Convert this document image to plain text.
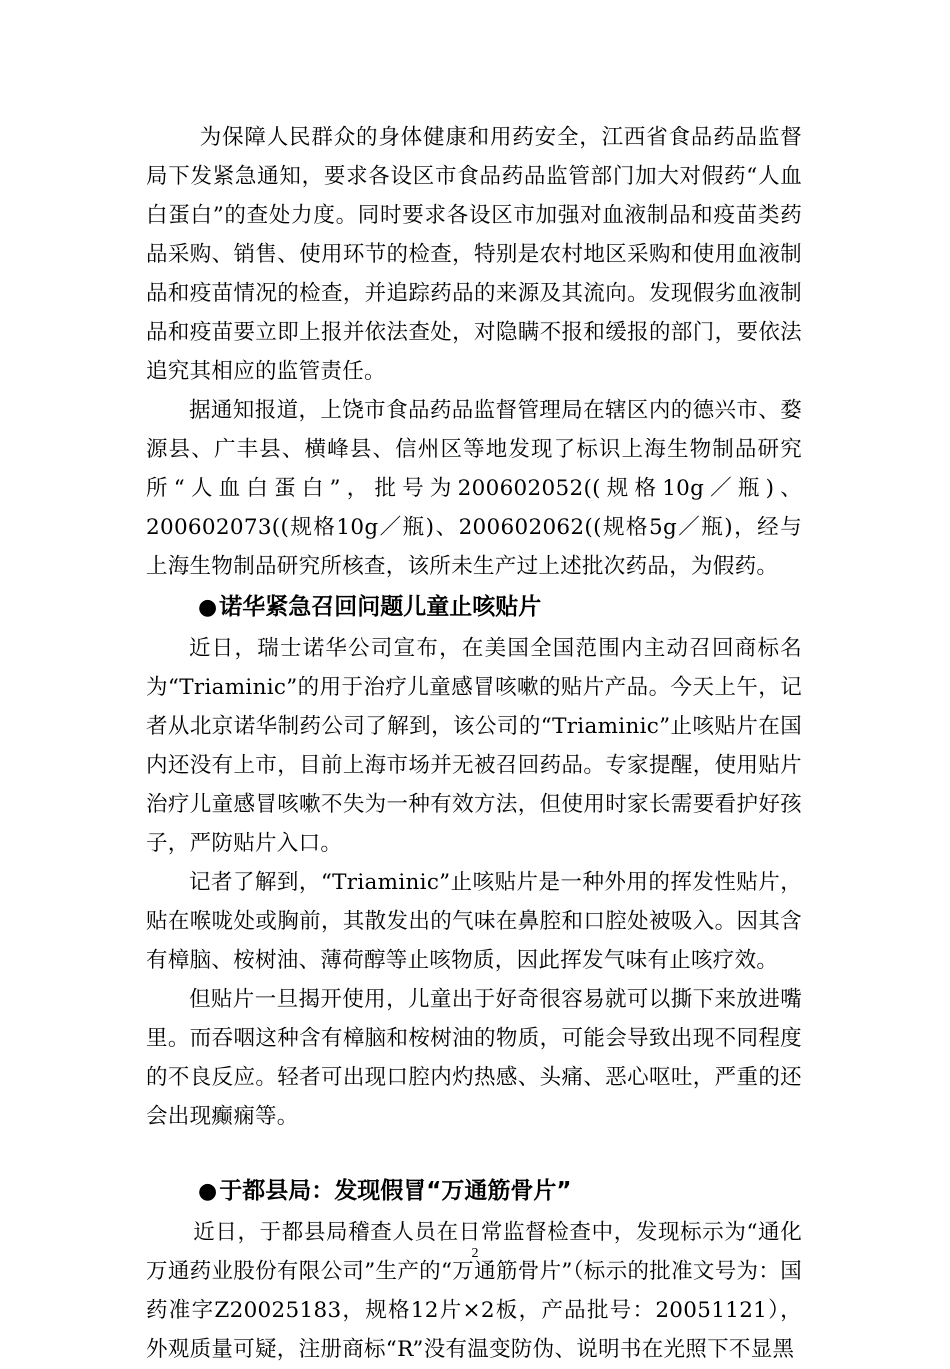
为保障人民群众的身体健康和用药安全，江西省食品药品监督局下发紧急通知，要求各设区市食品药品监管部门加大对假药“人血白蛋白”的查处力度。同时要求各设区市加强对血液制品和疫苗类药品采购、销售、使用环节的检查，特别是农村地区采购和使用血液制品和疫苗情况的检查，并追踪药品的来源及其流向。发现假劣血液制品和疫苗要立即上报并依法查处，对隐瞒不报和缓报的部门，要依法追究其相应的监管责任。

据通知报道，上饶市食品药品监督管理局在辖区内的德兴市、婺源县、广丰县、横峰县、信州区等地发现了标识上海生物制品研究所“人血白蛋白”，批号为200602052((规格10g／瓶)、200602073((规格10g／瓶)、200602062((规格5g／瓶)，经与上海生物制品研究所核查，该所未生产过上述批次药品，为假药。

●诺华紧急召回问题儿童止咳贴片

近日，瑞士诺华公司宣布，在美国全国范围内主动召回商标名为“Triaminic”的用于治疗儿童感冒咳嗽的贴片产品。今天上午，记者从北京诺华制药公司了解到，该公司的“Triaminic”止咳贴片在国内还没有上市，目前上海市场并无被召回药品。专家提醒，使用贴片治疗儿童感冒咳嗽不失为一种有效方法，但使用时家长需要看护好孩子，严防贴片入口。

记者了解到，“Triaminic”止咳贴片是一种外用的挥发性贴片，贴在喉咙处或胸前，其散发出的气味在鼻腔和口腔处被吸入。因其含有樟脑、桉树油、薄荷醇等止咳物质，因此挥发气味有止咳疗效。

但贴片一旦揭开使用，儿童出于好奇很容易就可以撕下来放进嘴里。而吞咽这种含有樟脑和桉树油的物质，可能会导致出现不同程度的不良反应。轻者可出现口腔内灼热感、头痛、恶心呕吐，严重的还会出现癫痫等。

●于都县局：发现假冒“万通筋骨片”

近日，于都县局稽查人员在日常监督检查中，发现标示为“通化万通药业股份有限公司”生产的“万通筋骨片”（标示的批准文号为：国药准字Z20025183，规格12片×2板，产品批号：20051121），外观质量可疑，注册商标“R”没有温变防伪、说明书在光照下不显黑

2
